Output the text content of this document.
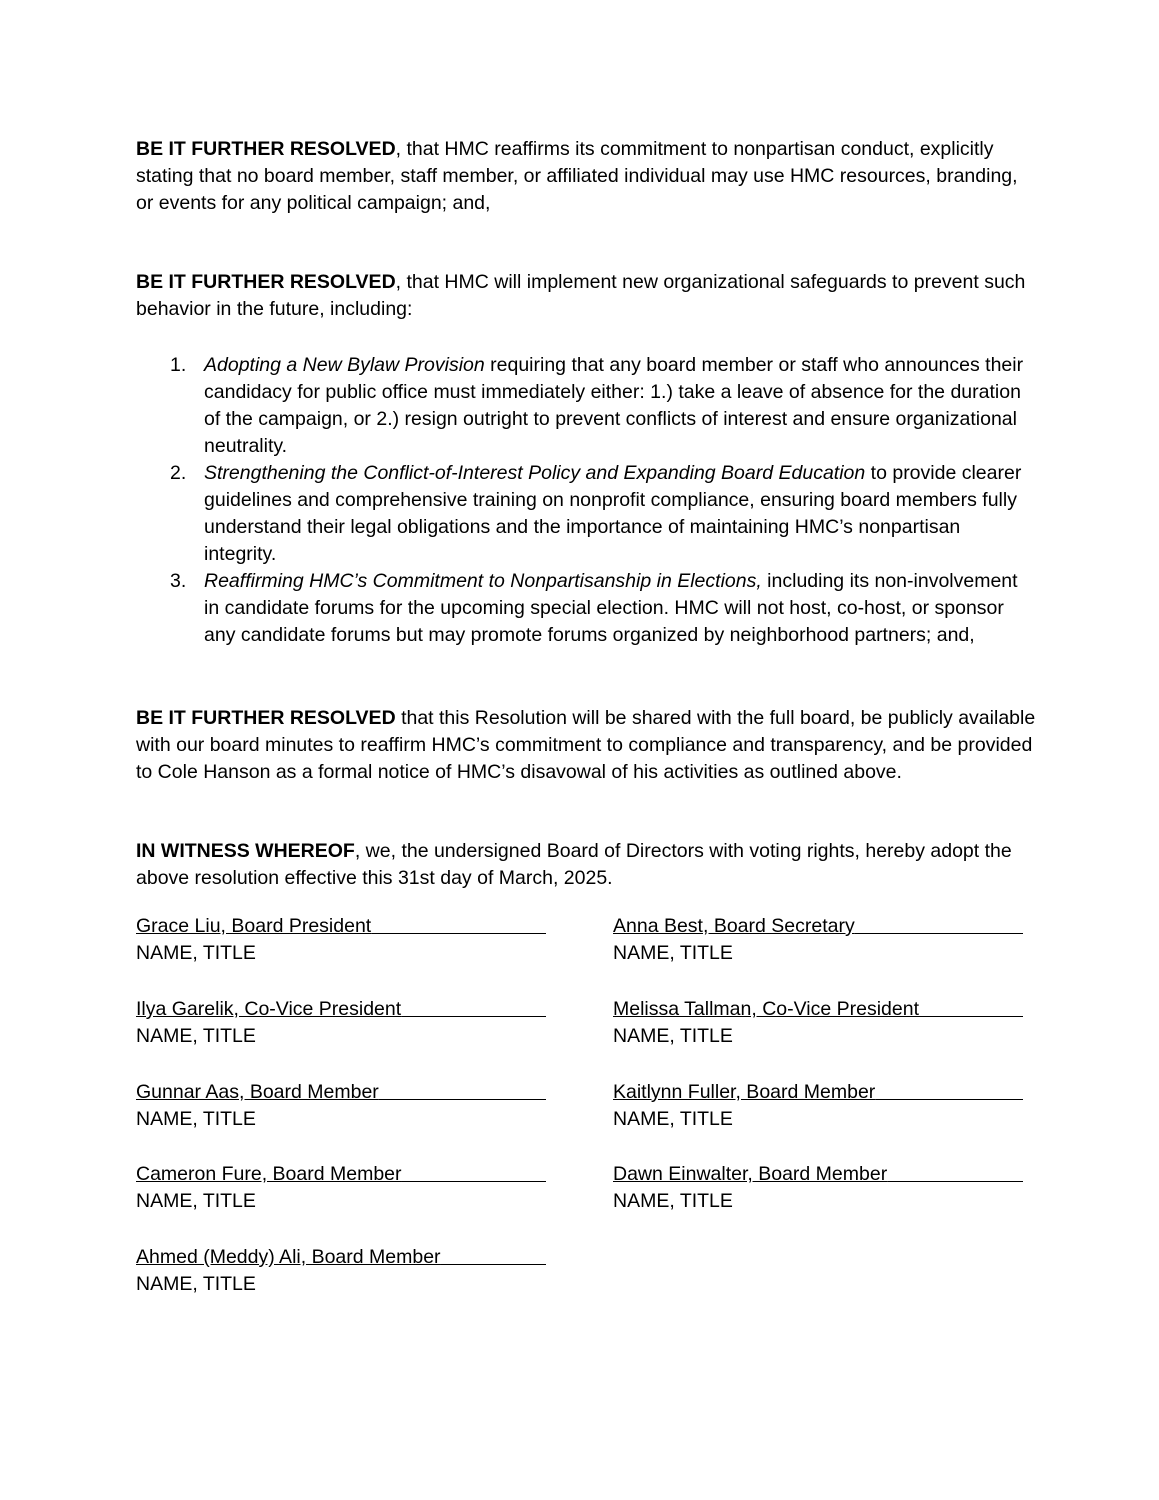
BE IT FURTHER RESOLVED, that HMC reaffirms its commitment to nonpartisan conduct, explicitly stating that no board member, staff member, or affiliated individual may use HMC resources, branding, or events for any political campaign; and,

BE IT FURTHER RESOLVED, that HMC will implement new organizational safeguards to prevent such behavior in the future, including:

1. Adopting a New Bylaw Provision requiring that any board member or staff who announces their candidacy for public office must immediately either: 1.) take a leave of absence for the duration of the campaign, or 2.) resign outright to prevent conflicts of interest and ensure organizational neutrality.
2. Strengthening the Conflict-of-Interest Policy and Expanding Board Education to provide clearer guidelines and comprehensive training on nonprofit compliance, ensuring board members fully understand their legal obligations and the importance of maintaining HMC’s nonpartisan integrity.
3. Reaffirming HMC’s Commitment to Nonpartisanship in Elections, including its non-involvement in candidate forums for the upcoming special election. HMC will not host, co-host, or sponsor any candidate forums but may promote forums organized by neighborhood partners; and,

BE IT FURTHER RESOLVED that this Resolution will be shared with the full board, be publicly available with our board minutes to reaffirm HMC’s commitment to compliance and transparency, and be provided to Cole Hanson as a formal notice of HMC’s disavowal of his activities as outlined above.

IN WITNESS WHEREOF, we, the undersigned Board of Directors with voting rights, hereby adopt the above resolution effective this 31st day of March, 2025.

Grace Liu, Board President
NAME, TITLE
Anna Best, Board Secretary
NAME, TITLE
Ilya Garelik, Co-Vice President
NAME, TITLE
Melissa Tallman, Co-Vice President
NAME, TITLE
Gunnar Aas, Board Member
NAME, TITLE
Kaitlynn Fuller, Board Member
NAME, TITLE
Cameron Fure, Board Member
NAME, TITLE
Dawn Einwalter, Board Member
NAME, TITLE
Ahmed (Meddy) Ali, Board Member
NAME, TITLE
